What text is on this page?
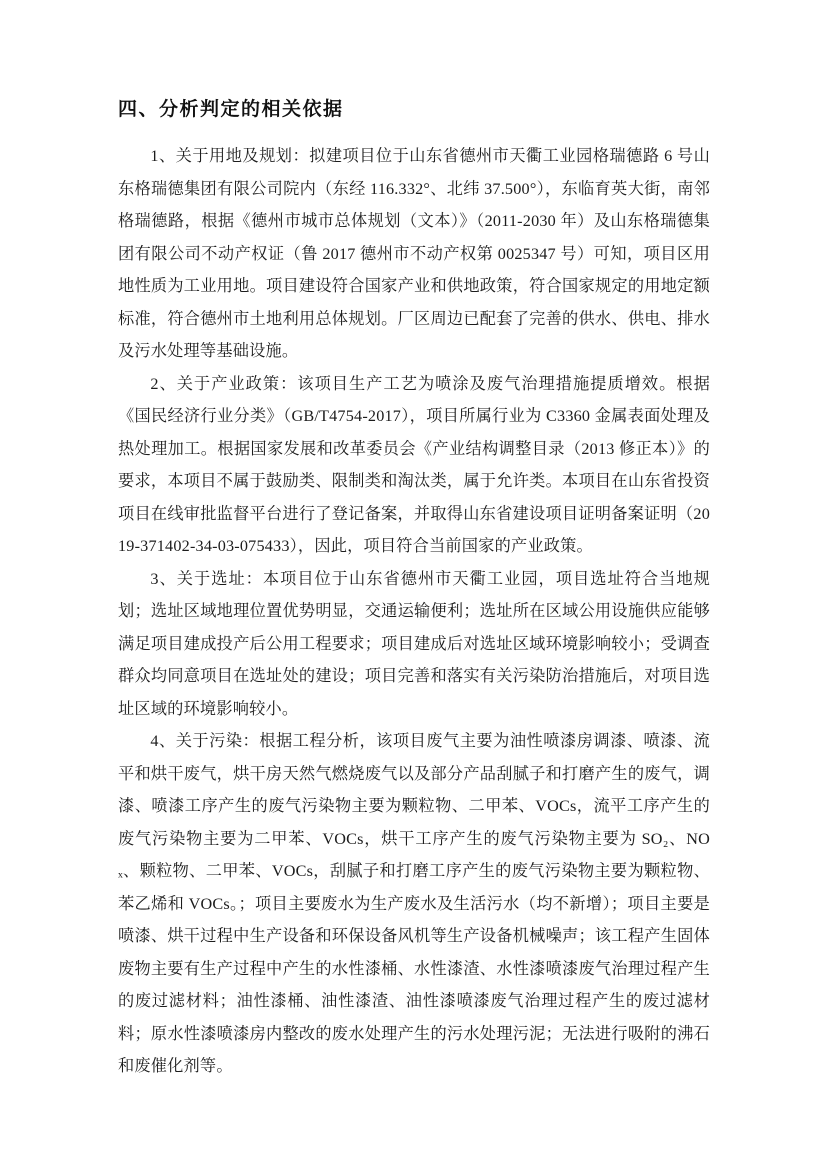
四、分析判定的相关依据

1、关于用地及规划：拟建项目位于山东省德州市天衢工业园格瑞德路 6 号山东格瑞德集团有限公司院内（东经 116.332°、北纬 37.500°），东临育英大街，南邻格瑞德路，根据《德州市城市总体规划（文本）》（2011-2030 年）及山东格瑞德集团有限公司不动产权证（鲁 2017 德州市不动产权第 0025347 号）可知，项目区用地性质为工业用地。项目建设符合国家产业和供地政策，符合国家规定的用地定额标准，符合德州市土地利用总体规划。厂区周边已配套了完善的供水、供电、排水及污水处理等基础设施。

2、关于产业政策：该项目生产工艺为喷涂及废气治理措施提质增效。根据《国民经济行业分类》（GB/T4754-2017），项目所属行业为 C3360 金属表面处理及热处理加工。根据国家发展和改革委员会《产业结构调整目录（2013 修正本）》的要求，本项目不属于鼓励类、限制类和淘汰类，属于允许类。本项目在山东省投资项目在线审批监督平台进行了登记备案，并取得山东省建设项目证明备案证明（2019-371402-34-03-075433），因此，项目符合当前国家的产业政策。

3、关于选址：本项目位于山东省德州市天衢工业园，项目选址符合当地规划；选址区域地理位置优势明显，交通运输便利；选址所在区域公用设施供应能够满足项目建成投产后公用工程要求；项目建成后对选址区域环境影响较小；受调查群众均同意项目在选址处的建设；项目完善和落实有关污染防治措施后，对项目选址区域的环境影响较小。

4、关于污染：根据工程分析，该项目废气主要为油性喷漆房调漆、喷漆、流平和烘干废气，烘干房天然气燃烧废气以及部分产品刮腻子和打磨产生的废气，调漆、喷漆工序产生的废气污染物主要为颗粒物、二甲苯、VOCs，流平工序产生的废气污染物主要为二甲苯、VOCs，烘干工序产生的废气污染物主要为 SO₂、NOₓ、颗粒物、二甲苯、VOCs，刮腻子和打磨工序产生的废气污染物主要为颗粒物、苯乙烯和 VOCs。；项目主要废水为生产废水及生活污水（均不新增）；项目主要是喷漆、烘干过程中生产设备和环保设备风机等生产设备机械噪声；该工程产生固体废物主要有生产过程中产生的水性漆桶、水性漆渣、水性漆喷漆废气治理过程产生的废过滤材料；油性漆桶、油性漆渣、油性漆喷漆废气治理过程产生的废过滤材料；原水性漆喷漆房内整改的废水处理产生的污水处理污泥；无法进行吸附的沸石和废催化剂等。
